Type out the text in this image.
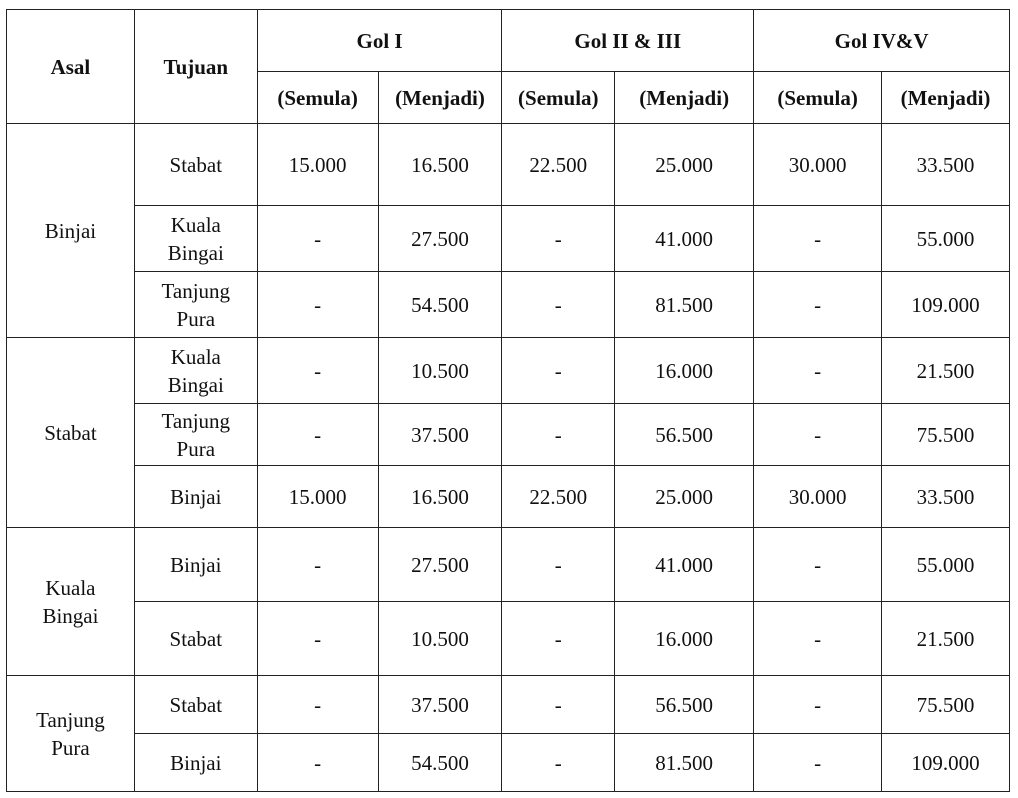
Asal	Tujuan	Gol I		Gol II & III		Gol IV&V	
		(Semula)	(Menjadi)	(Semula)	(Menjadi)	(Semula)	(Menjadi)
Binjai	Stabat	15.000	16.500	22.500	25.000	30.000	33.500
	Kuala Bingai	-	27.500	-	41.000	-	55.000
	Tanjung Pura	-	54.500	-	81.500	-	109.000
Stabat	Kuala Bingai	-	10.500	-	16.000	-	21.500
	Tanjung Pura	-	37.500	-	56.500	-	75.500
	Binjai	15.000	16.500	22.500	25.000	30.000	33.500
Kuala Bingai	Binjai	-	27.500	-	41.000	-	55.000
	Stabat	-	10.500	-	16.000	-	21.500
Tanjung Pura	Stabat	-	37.500	-	56.500	-	75.500
	Binjai	-	54.500	-	81.500	-	109.000
